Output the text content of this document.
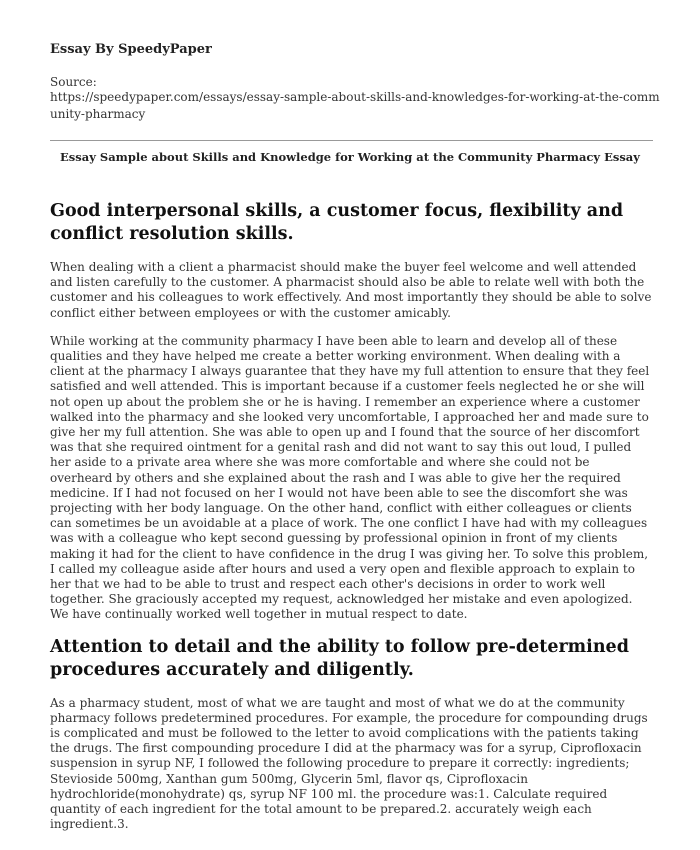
Essay By SpeedyPaper
Source:
https://speedypaper.com/essays/essay-sample-about-skills-and-knowledges-for-working-at-the-community-pharmacy
Essay Sample about Skills and Knowledge for Working at the Community Pharmacy Essay
Good interpersonal skills, a customer focus, flexibility and conflict resolution skills.

When dealing with a client a pharmacist should make the buyer feel welcome and well attended and listen carefully to the customer. A pharmacist should also be able to relate well with both the customer and his colleagues to work effectively. And most importantly they should be able to solve conflict either between employees or with the customer amicably.

While working at the community pharmacy I have been able to learn and develop all of these qualities and they have helped me create a better working environment. When dealing with a client at the pharmacy I always guarantee that they have my full attention to ensure that they feel satisfied and well attended. This is important because if a customer feels neglected he or she will not open up about the problem she or he is having. I remember an experience where a customer walked into the pharmacy and she looked very uncomfortable, I approached her and made sure to give her my full attention. She was able to open up and I found that the source of her discomfort was that she required ointment for a genital rash and did not want to say this out loud, I pulled her aside to a private area where she was more comfortable and where she could not be overheard by others and she explained about the rash and I was able to give her the required medicine. If I had not focused on her I would not have been able to see the discomfort she was projecting with her body language. On the other hand, conflict with either colleagues or clients can sometimes be un avoidable at a place of work. The one conflict I have had with my colleagues was with a colleague who kept second guessing by professional opinion in front of my clients making it had for the client to have confidence in the drug I was giving her. To solve this problem, I called my colleague aside after hours and used a very open and flexible approach to explain to her that we had to be able to trust and respect each other's decisions in order to work well together. She graciously accepted my request, acknowledged her mistake and even apologized. We have continually worked well together in mutual respect to date.

Attention to detail and the ability to follow pre-determined procedures accurately and diligently.

As a pharmacy student, most of what we are taught and most of what we do at the community pharmacy follows predetermined procedures. For example, the procedure for compounding drugs is complicated and must be followed to the letter to avoid complications with the patients taking the drugs. The first compounding procedure I did at the pharmacy was for a syrup, Ciprofloxacin suspension in syrup NF, I followed the following procedure to prepare it correctly: ingredients; Stevioside 500mg, Xanthan gum 500mg, Glycerin 5ml, flavor qs, Ciprofloxacin hydrochloride(monohydrate) qs, syrup NF 100 ml. the procedure was:1. Calculate required quantity of each ingredient for the total amount to be prepared.2. accurately weigh each ingredient.3.
